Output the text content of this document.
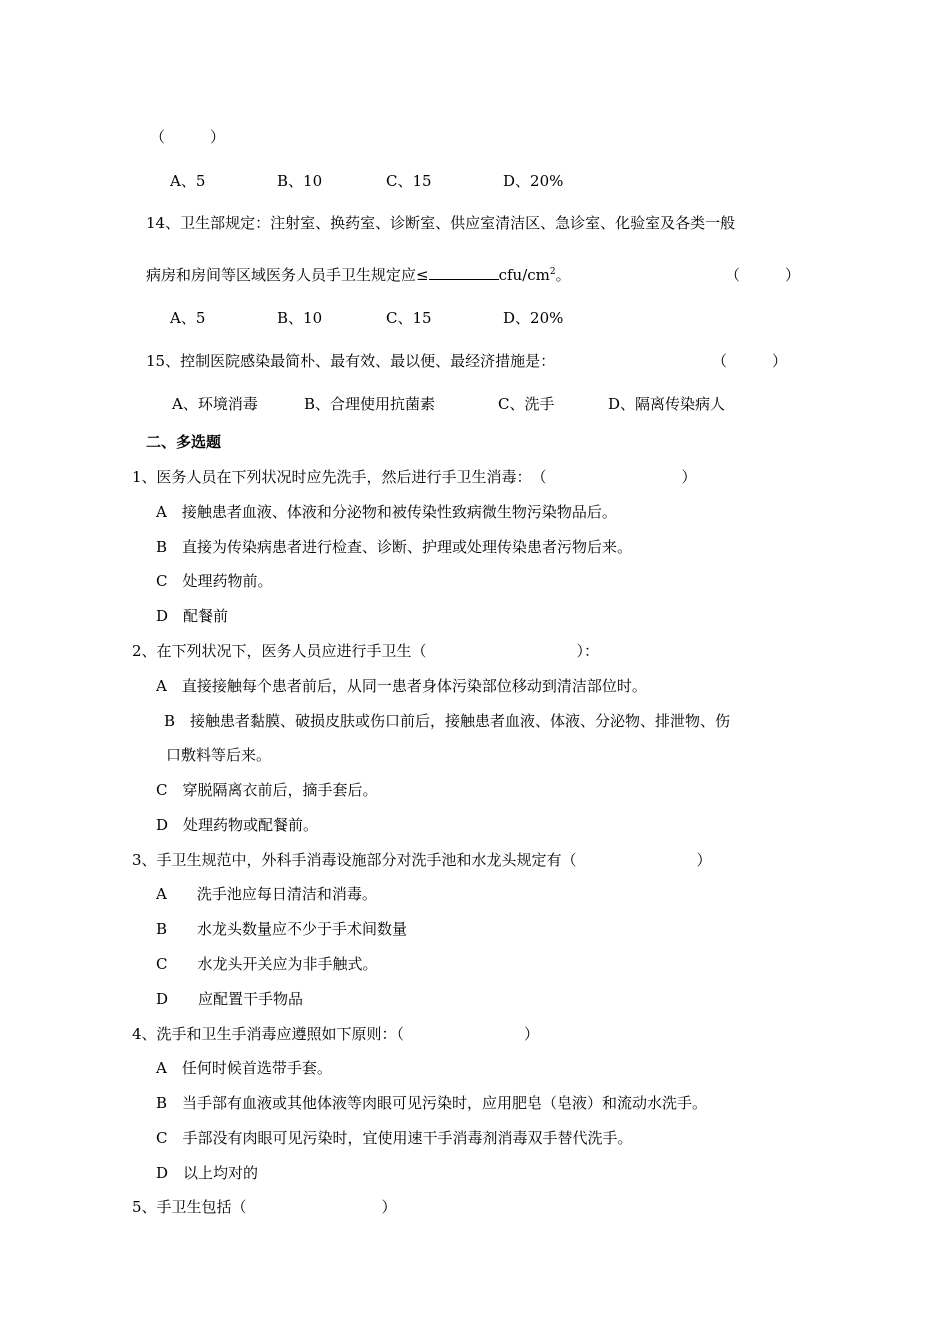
（　　　）
A、5	B、10	C、15	D、20%
14、卫生部规定：注射室、换药室、诊断室、供应室清洁区、急诊室、化验室及各类一般
病房和房间等区域医务人员手卫生规定应≤	cfu/$cm^2$。	（　　　）
A、5	B、10	C、15	D、20%
15、控制医院感染最简朴、最有效、最以便、最经济措施是：	（　　　）
A、环境消毒	B、合理使用抗菌素	C、洗手	D、隔离传染病人
二、多选题
1、医务人员在下列状况时应先洗手，然后进行手卫生消毒：　（　　　　　　　　　）
A　接触患者血液、体液和分泌物和被传染性致病微生物污染物品后。
B　直接为传染病患者进行检查、诊断、护理或处理传染患者污物后来。
C　处理药物前。
D　配餐前
2、在下列状况下，医务人员应进行手卫生（　　　　　　　　　　）：
A　直接接触每个患者前后，从同一患者身体污染部位移动到清洁部位时。
B　接触患者黏膜、破损皮肤或伤口前后，接触患者血液、体液、分泌物、排泄物、伤
口敷料等后来。
C　穿脱隔离衣前后，摘手套后。
D　处理药物或配餐前。
3、手卫生规范中，外科手消毒设施部分对洗手池和水龙头规定有（　　　　　　　　）
A　　洗手池应每日清洁和消毒。
B　　水龙头数量应不少于手术间数量
C　　水龙头开关应为非手触式。
D　　应配置干手物品
4、洗手和卫生手消毒应遵照如下原则：（　　　　　　　　）
A　任何时候首选带手套。
B　当手部有血液或其他体液等肉眼可见污染时，应用肥皂（皂液）和流动水洗手。
C　手部没有肉眼可见污染时，宜使用速干手消毒剂消毒双手替代洗手。
D　以上均对的
5、手卫生包括（　　　　　　　　　）
